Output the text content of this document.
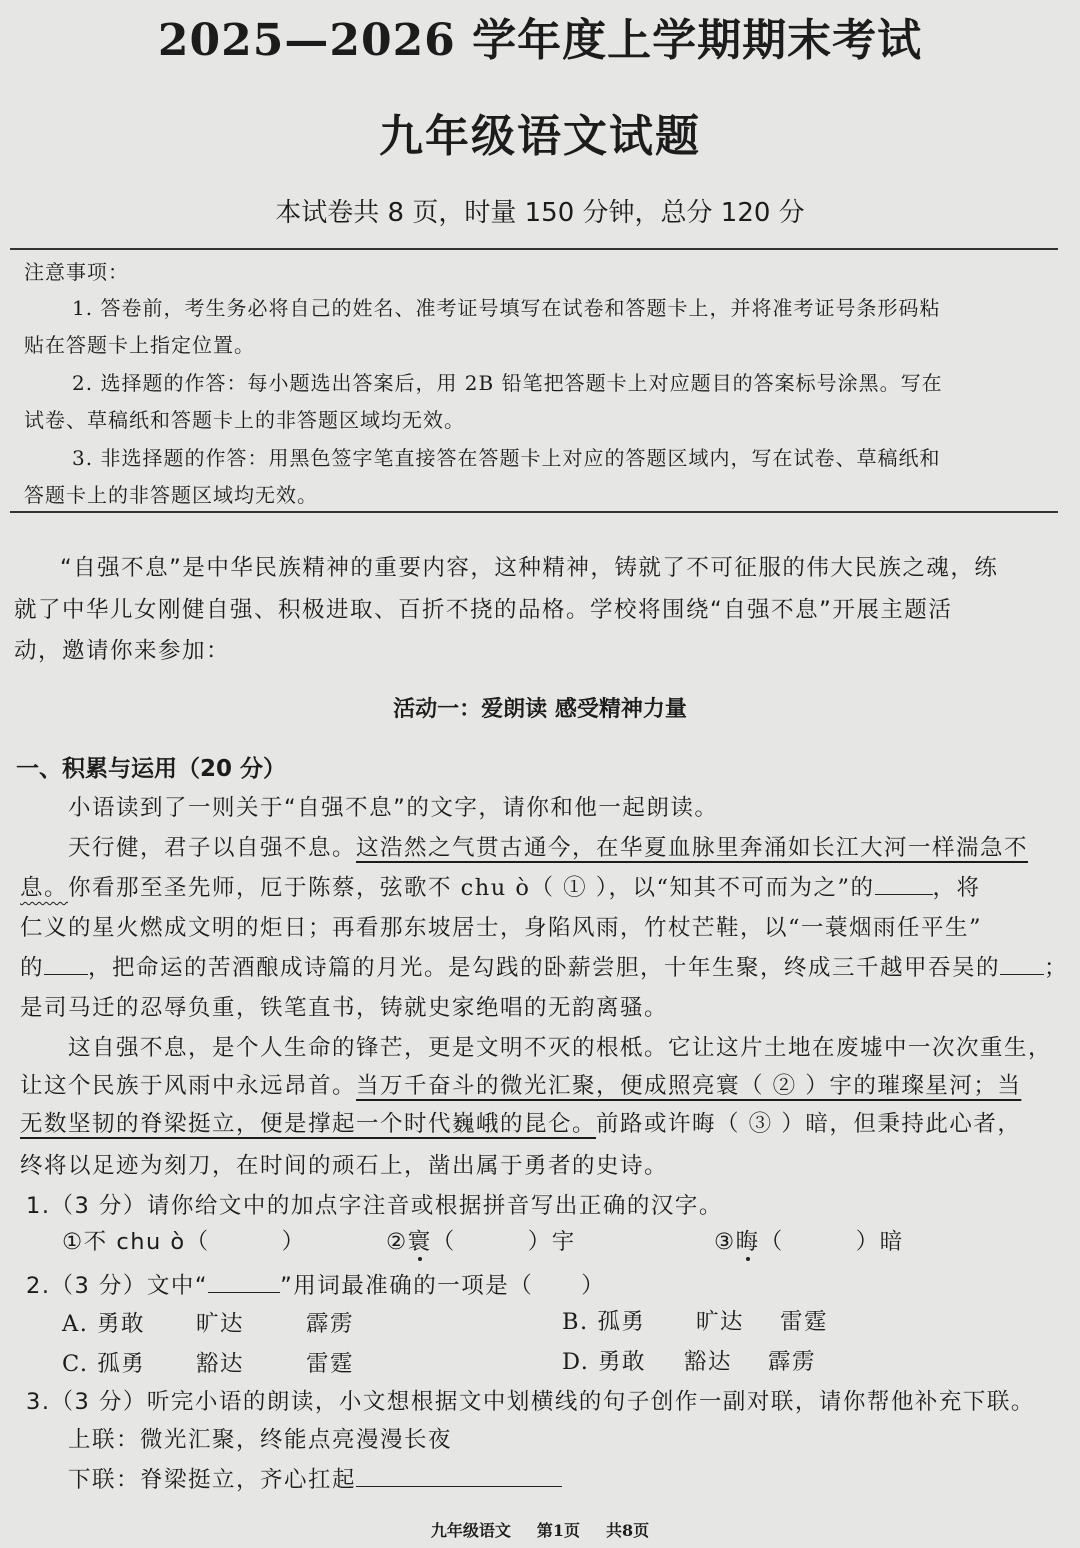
2025—2026 学年度上学期期末考试
九年级语文试题
本试卷共 8 页，时量 150 分钟，总分 120 分
注意事项：
1. 答卷前，考生务必将自己的姓名、准考证号填写在试卷和答题卡上，并将准考证号条形码粘
贴在答题卡上指定位置。
2. 选择题的作答：每小题选出答案后，用 2B 铅笔把答题卡上对应题目的答案标号涂黑。写在
试卷、草稿纸和答题卡上的非答题区域均无效。
3. 非选择题的作答：用黑色签字笔直接答在答题卡上对应的答题区域内，写在试卷、草稿纸和
答题卡上的非答题区域均无效。
“自强不息”是中华民族精神的重要内容，这种精神，铸就了不可征服的伟大民族之魂，练
就了中华儿女刚健自强、积极进取、百折不挠的品格。学校将围绕“自强不息”开展主题活
动，邀请你来参加：
活动一：爱朗读 感受精神力量
一、积累与运用（20 分）
小语读到了一则关于“自强不息”的文字，请你和他一起朗读。
天行健，君子以自强不息。这浩然之气贯古通今，在华夏血脉里奔涌如长江大河一样湍急不
息。你看那至圣先师，厄于陈蔡，弦歌不 chu ò（ ① ），以“知其不可而为之”的	，将
仁义的星火燃成文明的炬日；再看那东坡居士，身陷风雨，竹杖芒鞋，以“一蓑烟雨任平生”
的 ，把命运的苦酒酿成诗篇的月光。是勾践的卧薪尝胆，十年生聚，终成三千越甲吞吴的 ；
是司马迁的忍辱负重，铁笔直书，铸就史家绝唱的无韵离骚。
这自强不息，是个人生命的锋芒，更是文明不灭的根柢。它让这片土地在废墟中一次次重生，
让这个民族于风雨中永远昂首。当万千奋斗的微光汇聚，便成照亮寰（ ② ）宇的璀璨星河；当
无数坚韧的脊梁挺立，便是撑起一个时代巍峨的昆仑。前路或许晦（ ③ ）暗，但秉持此心者，
终将以足迹为刻刀，在时间的顽石上，凿出属于勇者的史诗。
1.（3 分）请你给文中的加点字注音或根据拼音写出正确的汉字。
①不 chu ò（　　　）	②寰（　　　）宇	③晦（　　　）暗
2.（3 分）文中“	”用词最准确的一项是（　　）
A. 勇敢 旷达	霹雳	B. 孤勇 旷达 雷霆
C. 孤勇 豁达	雷霆	D. 勇敢 豁达 霹雳
3.（3 分）听完小语的朗读，小文想根据文中划横线的句子创作一副对联，请你帮他补充下联。
上联：微光汇聚，终能点亮漫漫长夜
下联：脊梁挺立，齐心扛起
九年级语文 第1页 共8页
